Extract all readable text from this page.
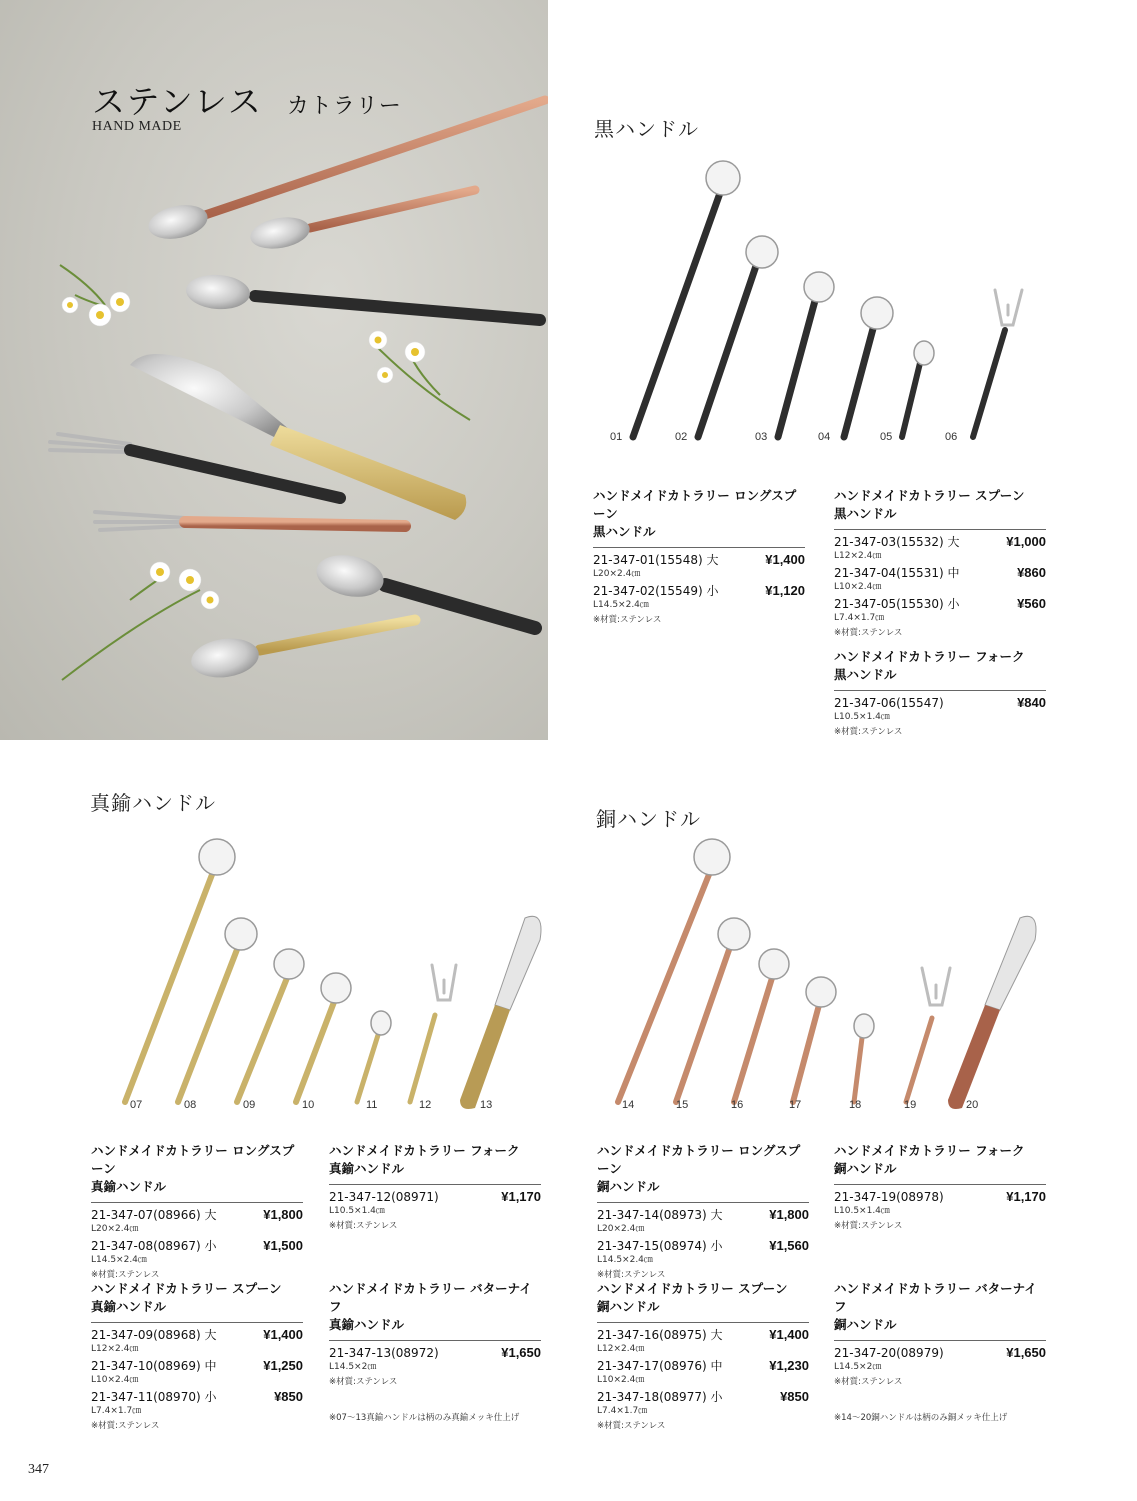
ステンレス カトラリー
HAND MADE	黒ハンドル
01	02	03	04	05	06
ハンドメイドカトラリー ロングスプーン
黒ハンドル
21-347-01(15548) 大	¥1,400
L20×2.4㎝
21-347-02(15549) 小	¥1,120
L14.5×2.4㎝
※材質:ステンレス
ハンドメイドカトラリー スプーン
黒ハンドル
21-347-03(15532) 大	¥1,000
L12×2.4㎝
21-347-04(15531) 中	¥860
L10×2.4㎝
21-347-05(15530) 小	¥560
L7.4×1.7㎝
※材質:ステンレス
ハンドメイドカトラリー フォーク
黒ハンドル
21-347-06(15547)	¥840
L10.5×1.4㎝
※材質:ステンレス
真鍮ハンドル
07	08	09	10	11	12	13
ハンドメイドカトラリー ロングスプーン
真鍮ハンドル
21-347-07(08966) 大	¥1,800
L20×2.4㎝
21-347-08(08967) 小	¥1,500
L14.5×2.4㎝
※材質:ステンレス
ハンドメイドカトラリー フォーク
真鍮ハンドル
21-347-12(08971)	¥1,170
L10.5×1.4㎝
※材質:ステンレス
ハンドメイドカトラリー スプーン
真鍮ハンドル
21-347-09(08968) 大	¥1,400
L12×2.4㎝
21-347-10(08969) 中	¥1,250
L10×2.4㎝
21-347-11(08970) 小	¥850
L7.4×1.7㎝
※材質:ステンレス
ハンドメイドカトラリー バターナイフ
真鍮ハンドル
21-347-13(08972)	¥1,650
L14.5×2㎝
※材質:ステンレス
※07〜13真鍮ハンドルは柄のみ真鍮メッキ仕上げ
銅ハンドル
14	15	16	17	18	19	20
ハンドメイドカトラリー ロングスプーン
銅ハンドル
21-347-14(08973) 大	¥1,800
L20×2.4㎝
21-347-15(08974) 小	¥1,560
L14.5×2.4㎝
※材質:ステンレス
ハンドメイドカトラリー フォーク
銅ハンドル
21-347-19(08978)	¥1,170
L10.5×1.4㎝
※材質:ステンレス
ハンドメイドカトラリー スプーン
銅ハンドル
21-347-16(08975) 大	¥1,400
L12×2.4㎝
21-347-17(08976) 中	¥1,230
L10×2.4㎝
21-347-18(08977) 小	¥850
L7.4×1.7㎝
※材質:ステンレス
ハンドメイドカトラリー バターナイフ
銅ハンドル
21-347-20(08979)	¥1,650
L14.5×2㎝
※材質:ステンレス
※14〜20銅ハンドルは柄のみ銅メッキ仕上げ
347
